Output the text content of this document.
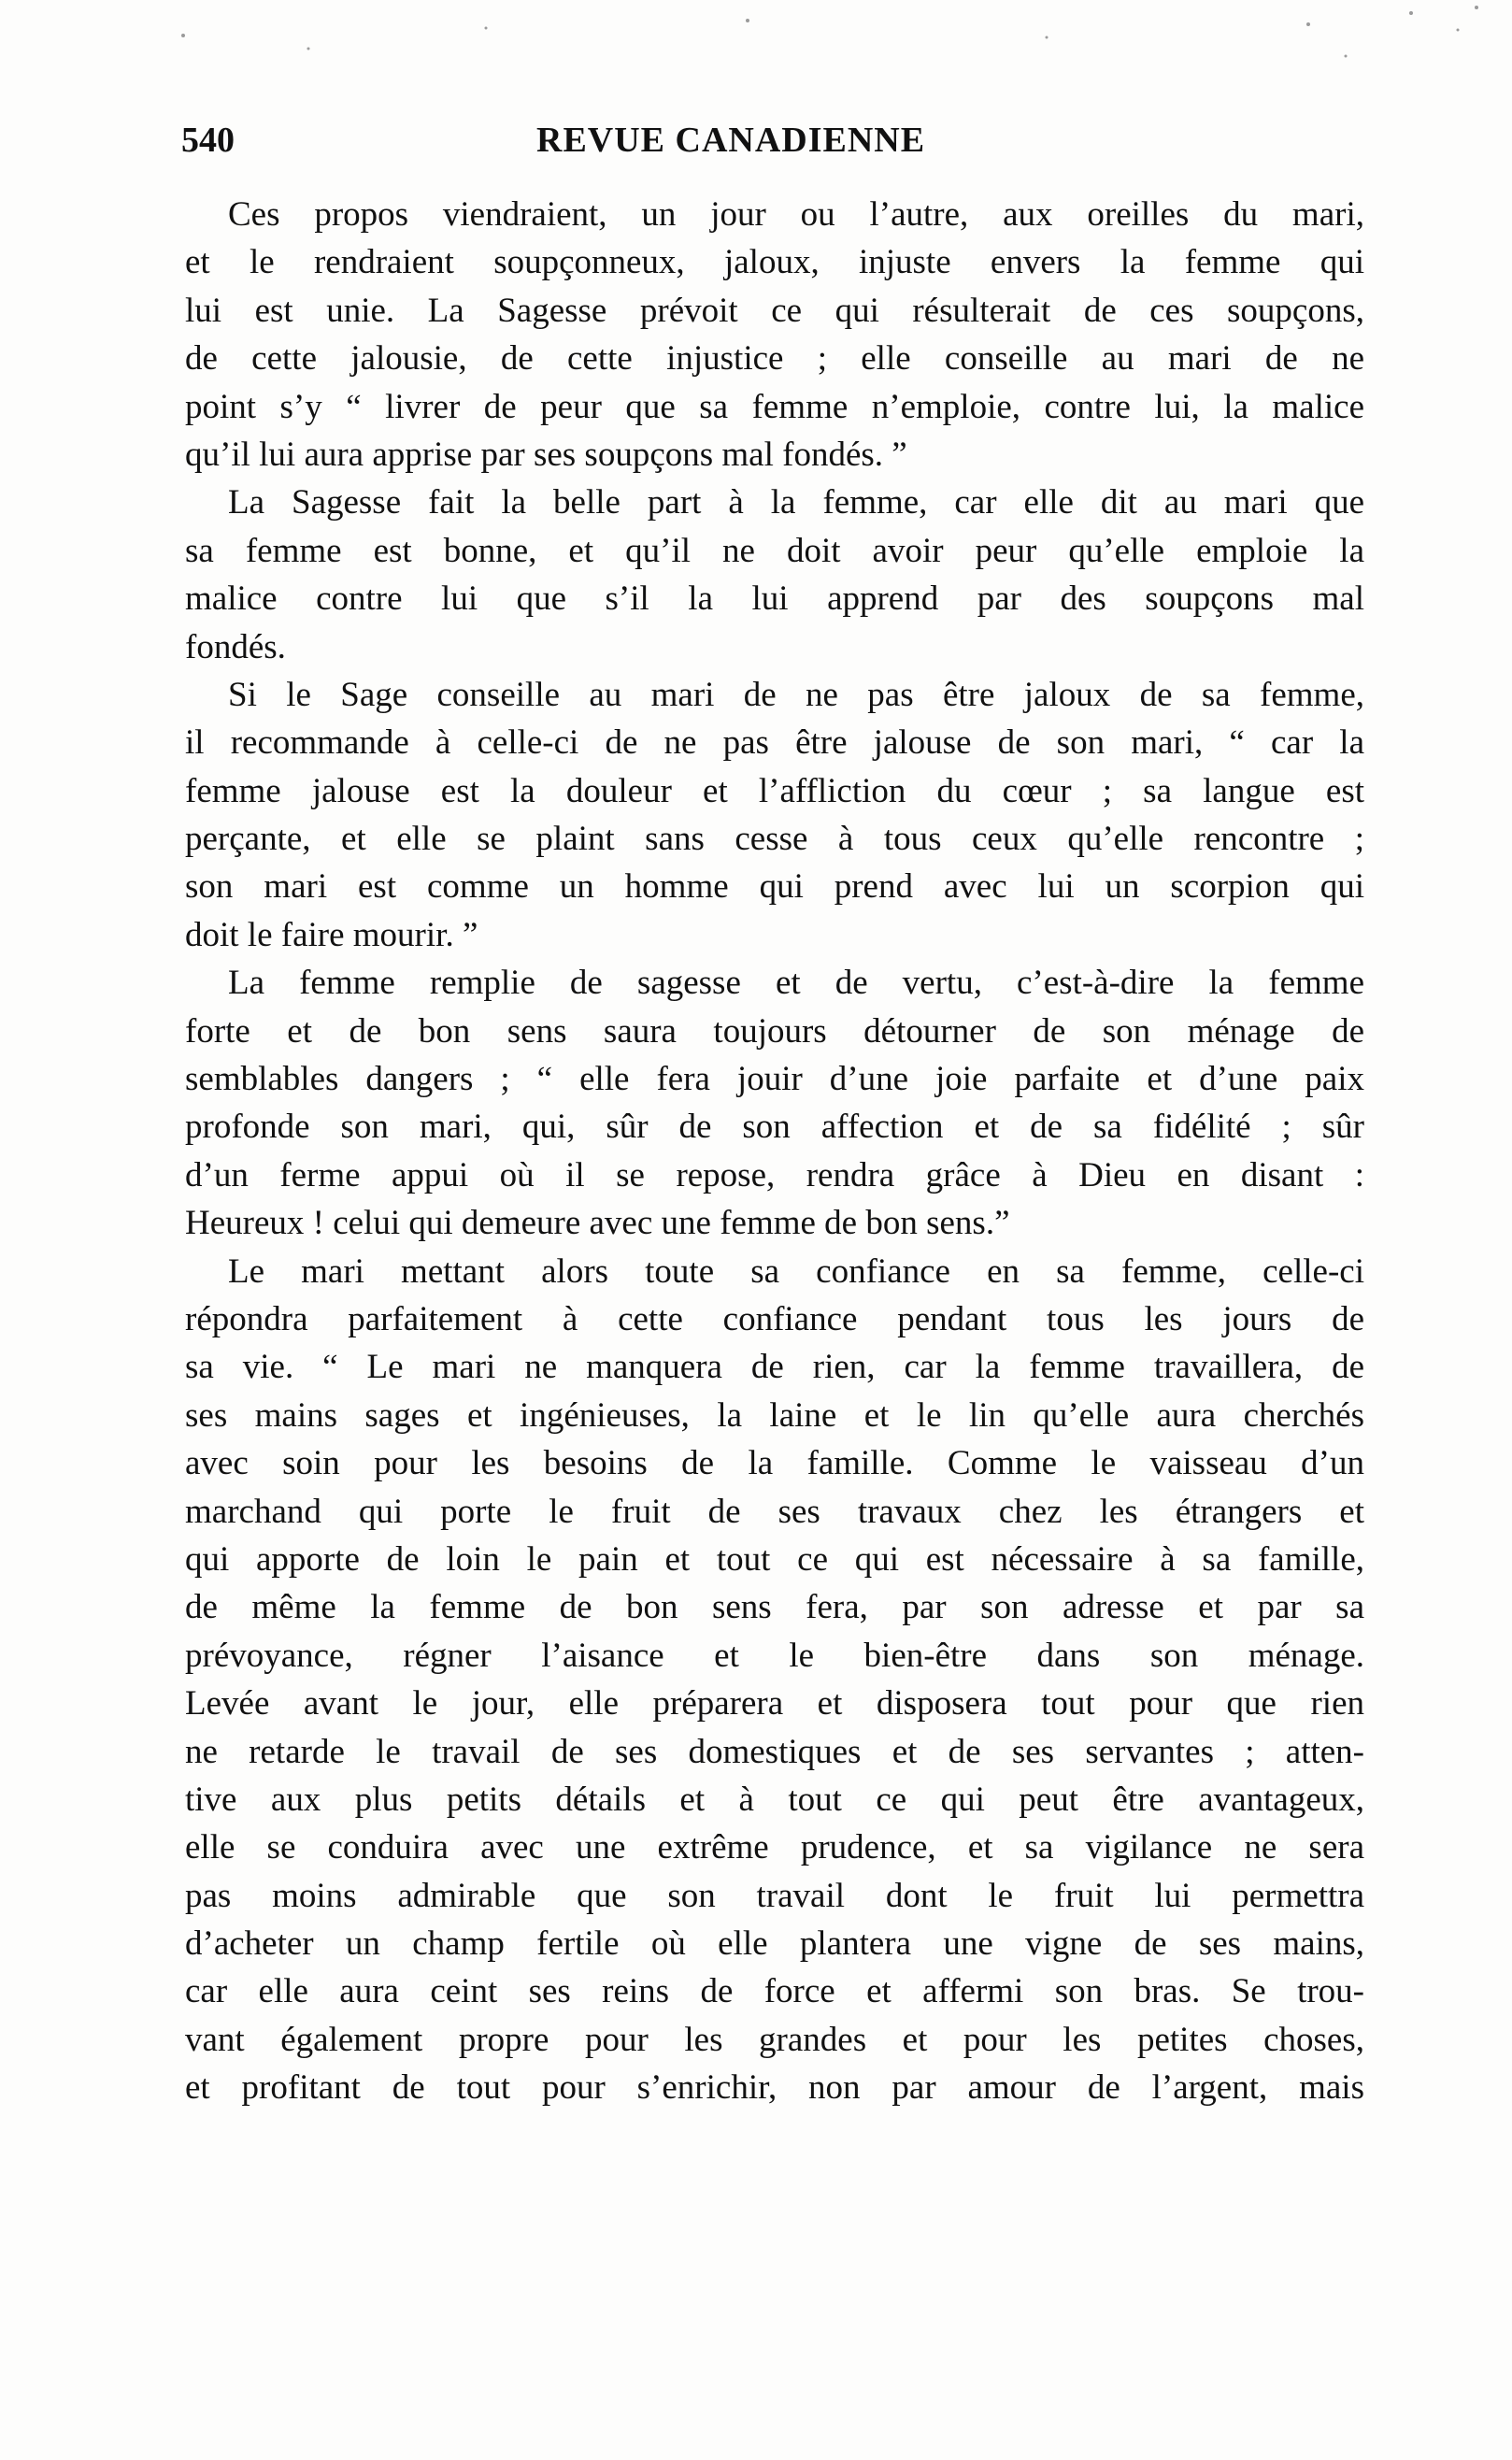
540	REVUE CANADIENNE
Ces propos viendraient, un jour ou l’autre, aux oreilles du mari,
et le rendraient soupçonneux, jaloux, injuste envers la femme qui
lui est unie. La Sagesse prévoit ce qui résulterait de ces soupçons,
de cette jalousie, de cette injustice ; elle conseille au mari de ne
point s’y “ livrer de peur que sa femme n’emploie, contre lui, la malice
qu’il lui aura apprise par ses soupçons mal fondés. ”
La Sagesse fait la belle part à la femme, car elle dit au mari que
sa femme est bonne, et qu’il ne doit avoir peur qu’elle emploie la
malice contre lui que s’il la lui apprend par des soupçons mal
fondés.
Si le Sage conseille au mari de ne pas être jaloux de sa femme,
il recommande à celle-ci de ne pas être jalouse de son mari, “ car la
femme jalouse est la douleur et l’affliction du cœur ; sa langue est
perçante, et elle se plaint sans cesse à tous ceux qu’elle rencontre ;
son mari est comme un homme qui prend avec lui un scorpion qui
doit le faire mourir. ”
La femme remplie de sagesse et de vertu, c’est-à-dire la femme
forte et de bon sens saura toujours détourner de son ménage de
semblables dangers ; “ elle fera jouir d’une joie parfaite et d’une paix
profonde son mari, qui, sûr de son affection et de sa fidélité ; sûr
d’un ferme appui où il se repose, rendra grâce à Dieu en disant :
Heureux ! celui qui demeure avec une femme de bon sens.”
Le mari mettant alors toute sa confiance en sa femme, celle-ci
répondra parfaitement à cette confiance pendant tous les jours de
sa vie. “ Le mari ne manquera de rien, car la femme travaillera, de
ses mains sages et ingénieuses, la laine et le lin qu’elle aura cherchés
avec soin pour les besoins de la famille. Comme le vaisseau d’un
marchand qui porte le fruit de ses travaux chez les étrangers et
qui apporte de loin le pain et tout ce qui est nécessaire à sa famille,
de même la femme de bon sens fera, par son adresse et par sa
prévoyance, régner l’aisance et le bien-être dans son ménage.
Levée avant le jour, elle préparera et disposera tout pour que rien
ne retarde le travail de ses domestiques et de ses servantes ; atten-
tive aux plus petits détails et à tout ce qui peut être avantageux,
elle se conduira avec une extrême prudence, et sa vigilance ne sera
pas moins admirable que son travail dont le fruit lui permettra
d’acheter un champ fertile où elle plantera une vigne de ses mains,
car elle aura ceint ses reins de force et affermi son bras. Se trou-
vant également propre pour les grandes et pour les petites choses,
et profitant de tout pour s’enrichir, non par amour de l’argent, mais
